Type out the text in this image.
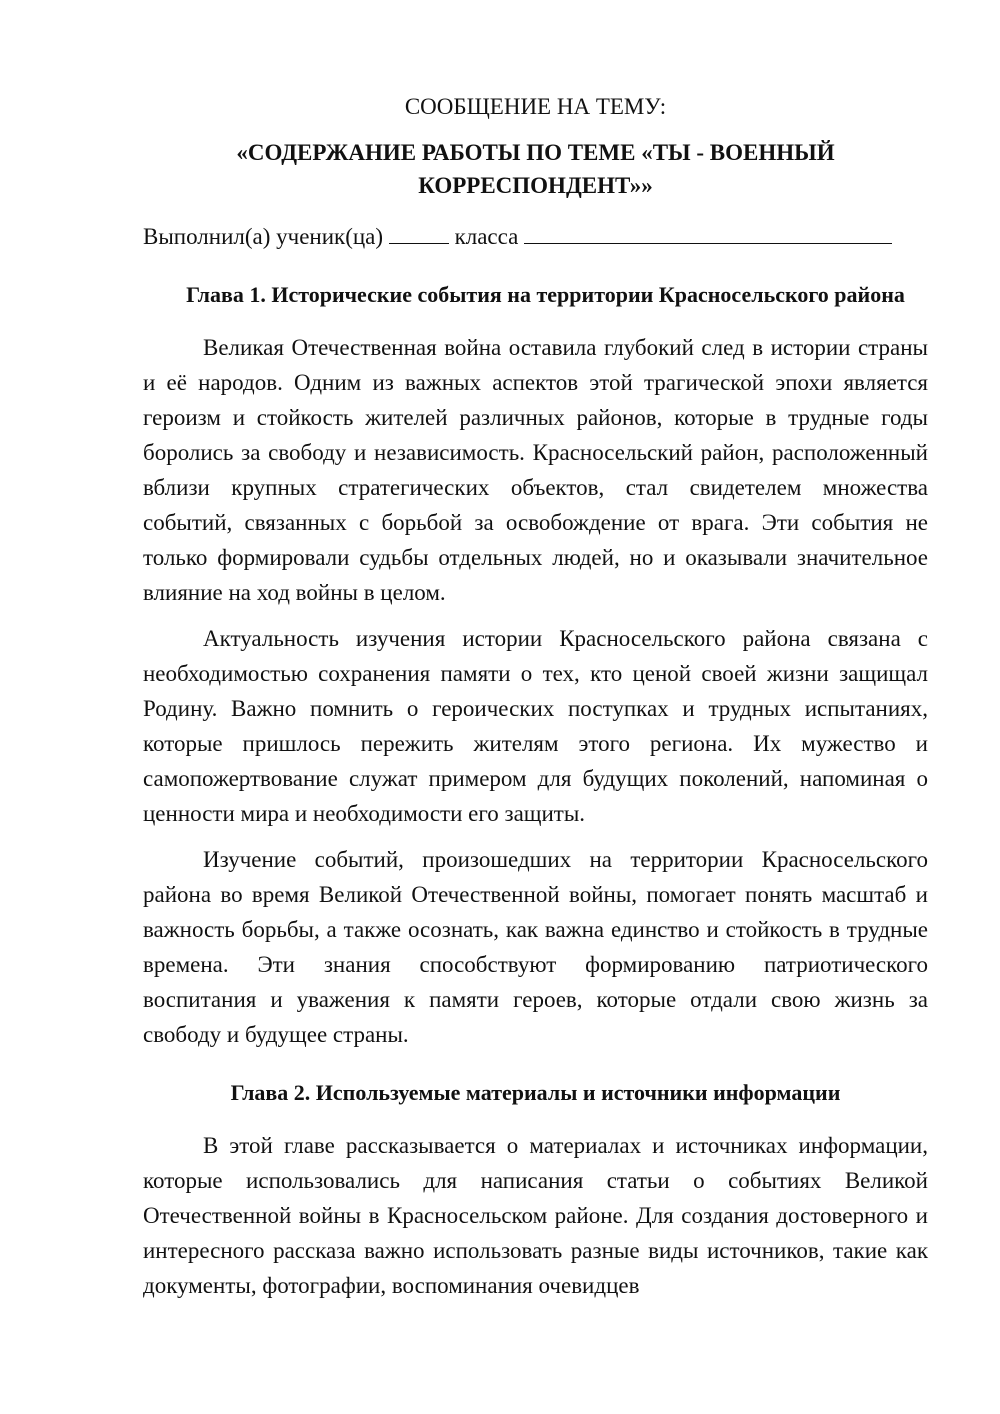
СООБЩЕНИЕ НА ТЕМУ:

«СОДЕРЖАНИЕ РАБОТЫ ПО ТЕМЕ «ТЫ - ВОЕННЫЙ КОРРЕСПОНДЕНТ»»

Выполнил(а) ученик(ца)	класса
Глава 1. Исторические события на территории Красносельского района

Великая Отечественная война оставила глубокий след в истории страны и её народов. Одним из важных аспектов этой трагической эпохи является героизм и стойкость жителей различных районов, которые в трудные годы боролись за свободу и независимость. Красносельский район, расположенный вблизи крупных стратегических объектов, стал свидетелем множества событий, связанных с борьбой за освобождение от врага. Эти события не только формировали судьбы отдельных людей, но и оказывали значительное влияние на ход войны в целом.

Актуальность изучения истории Красносельского района связана с необходимостью сохранения памяти о тех, кто ценой своей жизни защищал Родину. Важно помнить о героических поступках и трудных испытаниях, которые пришлось пережить жителям этого региона. Их мужество и самопожертвование служат примером для будущих поколений, напоминая о ценности мира и необходимости его защиты.

Изучение событий, произошедших на территории Красносельского района во время Великой Отечественной войны, помогает понять масштаб и важность борьбы, а также осознать, как важна единство и стойкость в трудные времена. Эти знания способствуют формированию патриотического воспитания и уважения к памяти героев, которые отдали свою жизнь за свободу и будущее страны.

Глава 2. Используемые материалы и источники информации

В этой главе рассказывается о материалах и источниках информации, которые использовались для написания статьи о событиях Великой Отечественной войны в Красносельском районе. Для создания достоверного и интересного рассказа важно использовать разные виды источников, такие как документы, фотографии, воспоминания очевидцев
